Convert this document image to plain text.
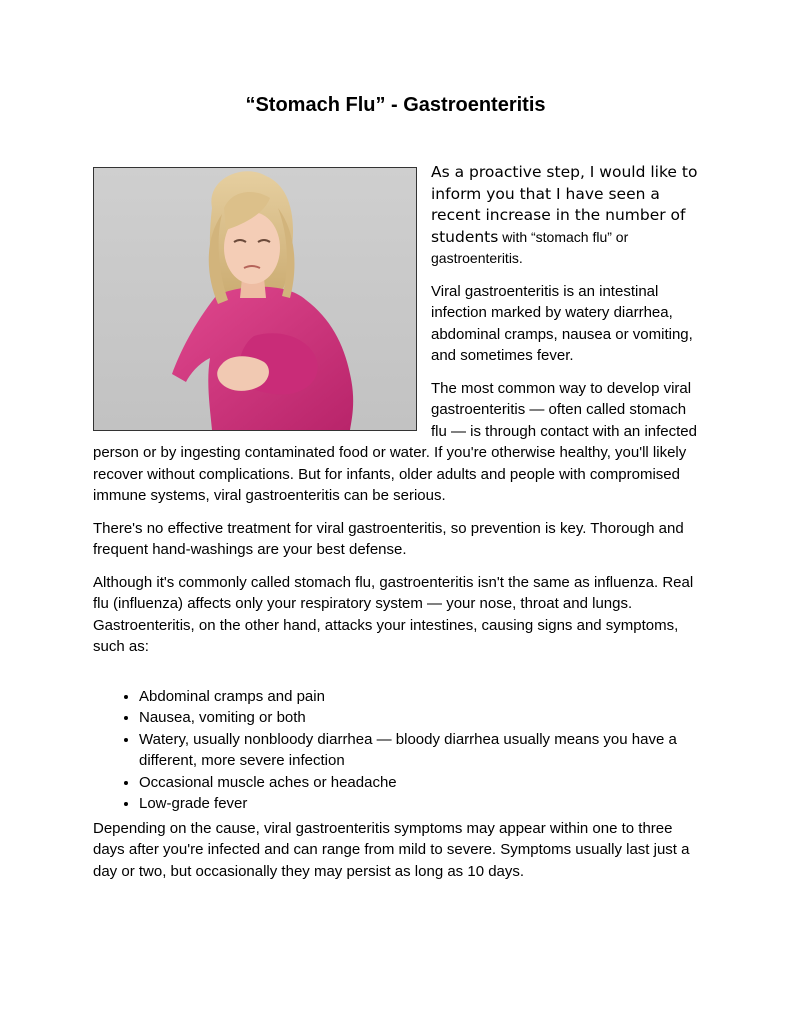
“Stomach Flu” - Gastroenteritis

As a proactive step, I would like to inform you that I have seen a recent increase in the number of students with “stomach flu” or gastroenteritis.

Viral gastroenteritis is an intestinal infection marked by watery diarrhea, abdominal cramps, nausea or vomiting, and sometimes fever.

The most common way to develop viral gastroenteritis — often called stomach flu — is through contact with an infected person or by ingesting contaminated food or water. If you're otherwise healthy, you'll likely recover without complications. But for infants, older adults and people with compromised immune systems, viral gastroenteritis can be serious.

There's no effective treatment for viral gastroenteritis, so prevention is key. Thorough and frequent hand-washings are your best defense.

Although it's commonly called stomach flu, gastroenteritis isn't the same as influenza. Real flu (influenza) affects only your respiratory system — your nose, throat and lungs. Gastroenteritis, on the other hand, attacks your intestines, causing signs and symptoms, such as:

• Abdominal cramps and pain
• Nausea, vomiting or both
• Watery, usually nonbloody diarrhea — bloody diarrhea usually means you have a different, more severe infection
• Occasional muscle aches or headache
• Low-grade fever

Depending on the cause, viral gastroenteritis symptoms may appear within one to three days after you're infected and can range from mild to severe. Symptoms usually last just a day or two, but occasionally they may persist as long as 10 days.
